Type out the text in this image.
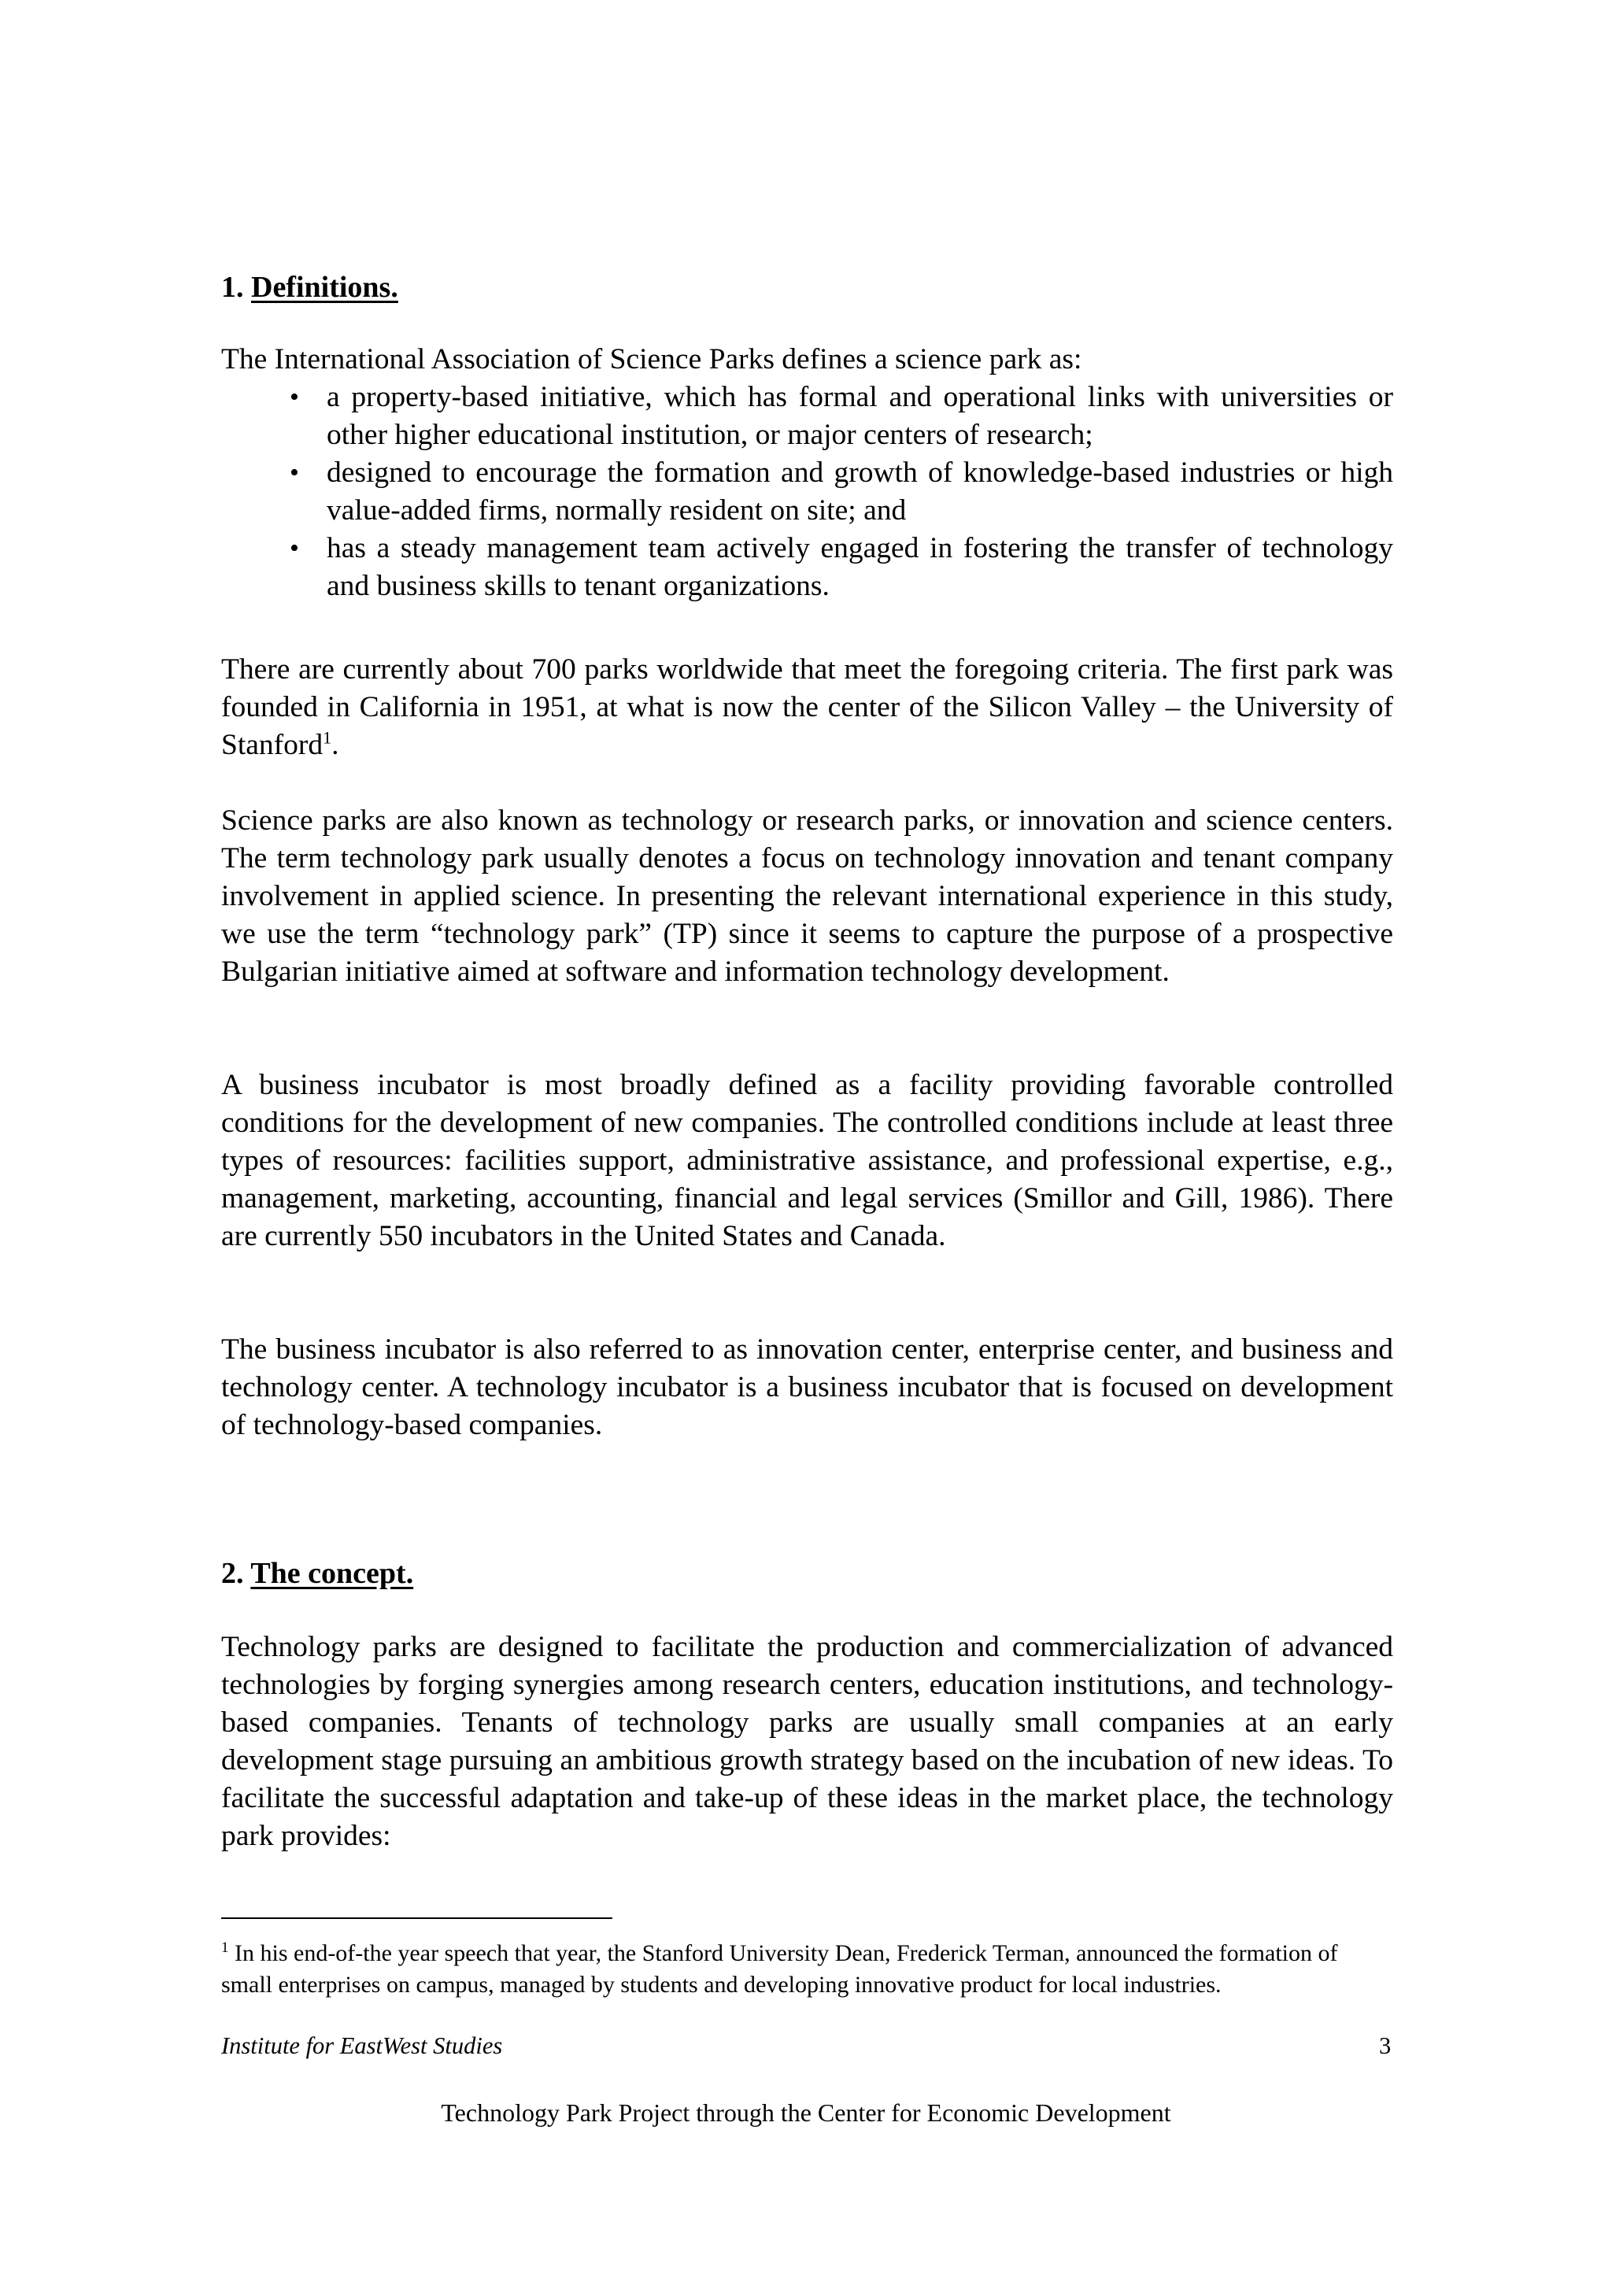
1. Definitions.
The International Association of Science Parks defines a science park as:
• a property-based initiative, which has formal and operational links with universities or other higher educational institution, or major centers of research;
• designed to encourage the formation and growth of knowledge-based industries or high value-added firms, normally resident on site; and
• has a steady management team actively engaged in fostering the transfer of technology and business skills to tenant organizations.
There are currently about 700 parks worldwide that meet the foregoing criteria. The first park was founded in California in 1951, at what is now the center of the Silicon Valley – the University of Stanford$^1$.
Science parks are also known as technology or research parks, or innovation and science centers. The term technology park usually denotes a focus on technology innovation and tenant company involvement in applied science. In presenting the relevant international experience in this study, we use the term “technology park” (TP) since it seems to capture the purpose of a prospective Bulgarian initiative aimed at software and information technology development.
A business incubator is most broadly defined as a facility providing favorable controlled conditions for the development of new companies. The controlled conditions include at least three types of resources: facilities support, administrative assistance, and professional expertise, e.g., management, marketing, accounting, financial and legal services (Smillor and Gill, 1986). There are currently 550 incubators in the United States and Canada.
The business incubator is also referred to as innovation center, enterprise center, and business and technology center. A technology incubator is a business incubator that is focused on development of technology-based companies.
2. The concept.
Technology parks are designed to facilitate the production and commercialization of advanced technologies by forging synergies among research centers, education institutions, and technology-based companies. Tenants of technology parks are usually small companies at an early development stage pursuing an ambitious growth strategy based on the incubation of new ideas. To facilitate the successful adaptation and take-up of these ideas in the market place, the technology park provides:
$^1$ In his end-of-the year speech that year, the Stanford University Dean, Frederick Terman, announced the formation of small enterprises on campus, managed by students and developing innovative product for local industries.
Institute for EastWest Studies	3
Technology Park Project through the Center for Economic Development
